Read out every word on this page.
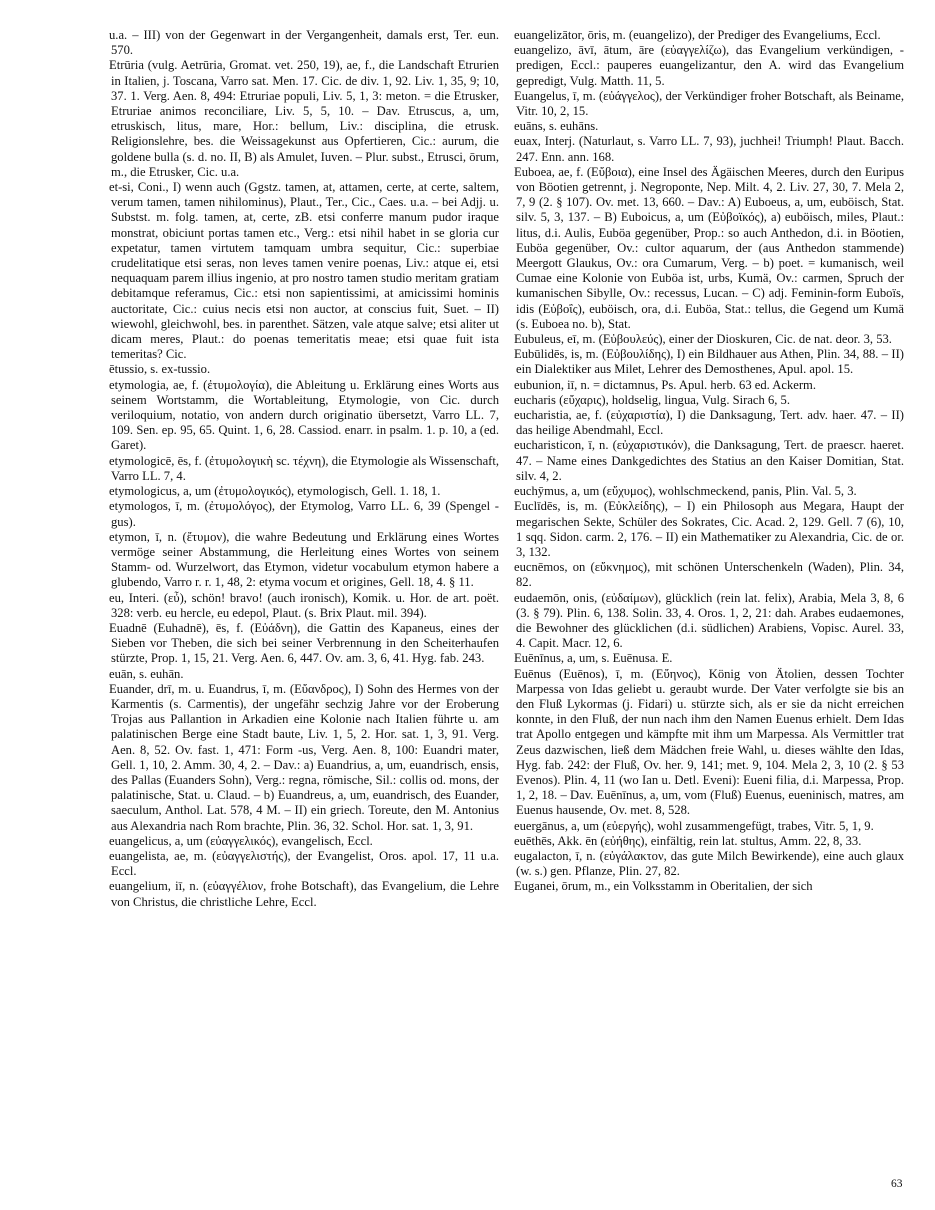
u.a. – III) von der Gegenwart in der Vergangenheit, damals erst, Ter. eun. 570.

Etrūria (vulg. Aetrūria, Gromat. vet. 250, 19), ae, f., die Landschaft Etrurien in Italien, j. Toscana, Varro sat. Men. 17. Cic. de div. 1, 92. Liv. 1, 35, 9; 10, 37. 1. Verg. Aen. 8, 494: Etruriae populi, Liv. 5, 1, 3: meton. = die Etrusker, Etruriae animos reconciliare, Liv. 5, 5, 10. – Dav. Etruscus, a, um, etruskisch, litus, mare, Hor.: bellum, Liv.: disciplina, die etrusk. Religionslehre, bes. die Weissagekunst aus Opfertieren, Cic.: aurum, die goldene bulla (s. d. no. II, B) als Amulet, Iuven. – Plur. subst., Etrusci, ōrum, m., die Etrusker, Cic. u.a.

et-si, Coni., I) wenn auch (Ggstz. tamen, at, attamen, certe, at certe, saltem, verum tamen, tamen nihilominus), Plaut., Ter., Cic., Caes. u.a. – bei Adjj. u. Substst. m. folg. tamen, at, certe, zB. etsi conferre manum pudor iraque monstrat, obiciunt portas tamen etc., Verg.: etsi nihil habet in se gloria cur expetatur, tamen virtutem tamquam umbra sequitur, Cic.: superbiae crudelitatique etsi seras, non leves tamen venire poenas, Liv.: atque ei, etsi nequaquam parem illius ingenio, at pro nostro tamen studio meritam gratiam debitamque referamus, Cic.: etsi non sapientissimi, at amicissimi hominis auctoritate, Cic.: cuius necis etsi non auctor, at conscius fuit, Suet. – II) wiewohl, gleichwohl, bes. in parenthet. Sätzen, vale atque salve; etsi aliter ut dicam meres, Plaut.: do poenas temeritatis meae; etsi quae fuit ista temeritas? Cic.

ētussio, s. ex-tussio.

etymologia, ae, f. (ἐτυμολογία), die Ableitung u. Erklärung eines Worts aus seinem Wortstamm, die Wortableitung, Etymologie, von Cic. durch veriloquium, notatio, von andern durch originatio übersetzt, Varro LL. 7, 109. Sen. ep. 95, 65. Quint. 1, 6, 28. Cassiod. enarr. in psalm. 1. p. 10, a (ed. Garet).

etymologicē, ēs, f. (ἐτυμολογικὴ sc. τέχνη), die Etymologie als Wissenschaft, Varro LL. 7, 4.

etymologicus, a, um (ἐτυμολογικός), etymologisch, Gell. 1. 18, 1.

etymologos, ī, m. (ἐτυμολόγος), der Etymolog, Varro LL. 6, 39 (Spengel -gus).

etymon, ī, n. (ἔτυμον), die wahre Bedeutung und Erklärung eines Wortes vermöge seiner Abstammung, die Herleitung eines Wortes von seinem Stamm- od. Wurzelwort, das Etymon, videtur vocabulum etymon habere a glubendo, Varro r. r. 1, 48, 2: etyma vocum et origines, Gell. 18, 4. § 11.

eu, Interi. (εὖ), schön! bravo! (auch ironisch), Komik. u. Hor. de art. poët. 328: verb. eu hercle, eu edepol, Plaut. (s. Brix Plaut. mil. 394).

Euadnē (Euhadnē), ēs, f. (Εὐάδνη), die Gattin des Kapaneus, eines der Sieben vor Theben, die sich bei seiner Verbrennung in den Scheiterhaufen stürzte, Prop. 1, 15, 21. Verg. Aen. 6, 447. Ov. am. 3, 6, 41. Hyg. fab. 243.

euān, s. euhān.

Euander, drī, m. u. Euandrus, ī, m. (Εὔανδρος), I) Sohn des Hermes von der Karmentis (s. Carmentis), der ungefähr sechzig Jahre vor der Eroberung Trojas aus Pallantion in Arkadien eine Kolonie nach Italien führte u. am palatinischen Berge eine Stadt baute, Liv. 1, 5, 2. Hor. sat. 1, 3, 91. Verg. Aen. 8, 52. Ov. fast. 1, 471: Form -us, Verg. Aen. 8, 100: Euandri mater, Gell. 1, 10, 2. Amm. 30, 4, 2. – Dav.: a) Euandrius, a, um, euandrisch, ensis, des Pallas (Euanders Sohn), Verg.: regna, römische, Sil.: collis od. mons, der palatinische, Stat. u. Claud. – b) Euandreus, a, um, euandrisch, des Euander, saeculum, Anthol. Lat. 578, 4 M. – II) ein griech. Toreute, den M. Antonius aus Alexandria nach Rom brachte, Plin. 36, 32. Schol. Hor. sat. 1, 3, 91.

euangelicus, a, um (εὐαγγελικός), evangelisch, Eccl.

euangelista, ae, m. (εὐαγγελιστής), der Evangelist, Oros. apol. 17, 11 u.a. Eccl.

euangelium, iī, n. (εὐαγγέλιον, frohe Botschaft), das Evangelium, die Lehre von Christus, die christliche Lehre, Eccl.

euangelizātor, ōris, m. (euangelizo), der Prediger des Evangeliums, Eccl.

euangelizo, āvī, ātum, āre (εὐαγγελίζω), das Evangelium verkündigen, -predigen, Eccl.: pauperes euangelizantur, den A. wird das Evangelium gepredigt, Vulg. Matth. 11, 5.

Euangelus, ī, m. (εὐάγγελος), der Verkündiger froher Botschaft, als Beiname, Vitr. 10, 2, 15.

euāns, s. euhāns.

euax, Interj. (Naturlaut, s. Varro LL. 7, 93), juchhei! Triumph! Plaut. Bacch. 247. Enn. ann. 168.

Euboea, ae, f. (Εὔβοια), eine Insel des Ägäischen Meeres, durch den Euripus von Böotien getrennt, j. Negroponte, Nep. Milt. 4, 2. Liv. 27, 30, 7. Mela 2, 7, 9 (2. § 107). Ov. met. 13, 660. – Dav.: A) Euboeus, a, um, euböisch, Stat. silv. 5, 3, 137. – B) Euboicus, a, um (Εὐβοϊκός), a) euböisch, miles, Plaut.: litus, d.i. Aulis, Euböa gegenüber, Prop.: so auch Anthedon, d.i. in Böotien, Euböa gegenüber, Ov.: cultor aquarum, der (aus Anthedon stammende) Meergott Glaukus, Ov.: ora Cumarum, Verg. – b) poet. = kumanisch, weil Cumae eine Kolonie von Euböa ist, urbs, Kumä, Ov.: carmen, Spruch der kumanischen Sibylle, Ov.: recessus, Lucan. – C) adj. Feminin-form Euboïs, idis (Εὐβοΐς), euböisch, ora, d.i. Euböa, Stat.: tellus, die Gegend um Kumä (s. Euboea no. b), Stat.

Eubuleus, eī, m. (Εὐβουλεύς), einer der Dioskuren, Cic. de nat. deor. 3, 53.

Eubūlidēs, is, m. (Εὐβουλίδης), I) ein Bildhauer aus Athen, Plin. 34, 88. – II) ein Dialektiker aus Milet, Lehrer des Demosthenes, Apul. apol. 15.

eubunion, iī, n. = dictamnus, Ps. Apul. herb. 63 ed. Ackerm.

eucharis (εὔχαρις), holdselig, lingua, Vulg. Sirach 6, 5.

eucharistia, ae, f. (εὐχαριστία), I) die Danksagung, Tert. adv. haer. 47. – II) das heilige Abendmahl, Eccl.

eucharisticon, ī, n. (εὐχαριστικόν), die Danksagung, Tert. de praescr. haeret. 47. – Name eines Dankgedichtes des Statius an den Kaiser Domitian, Stat. silv. 4, 2.

euchȳmus, a, um (εὔχυμος), wohlschmeckend, panis, Plin. Val. 5, 3.

Euclīdēs, is, m. (Εὐκλείδης), – I) ein Philosoph aus Megara, Haupt der megarischen Sekte, Schüler des Sokrates, Cic. Acad. 2, 129. Gell. 7 (6), 10, 1 sqq. Sidon. carm. 2, 176. – II) ein Mathematiker zu Alexandria, Cic. de or. 3, 132.

eucnēmos, on (εὔκνημος), mit schönen Unterschenkeln (Waden), Plin. 34, 82.

eudaemōn, onis, (εὐδαίμων), glücklich (rein lat. felix), Arabia, Mela 3, 8, 6 (3. § 79). Plin. 6, 138. Solin. 33, 4. Oros. 1, 2, 21: dah. Arabes eudaemones, die Bewohner des glücklichen (d.i. südlichen) Arabiens, Vopisc. Aurel. 33, 4. Capit. Macr. 12, 6.

Euēnīnus, a, um, s. Euēnusa. E.

Euēnus (Euēnos), ī, m. (Εὔηνος), König von Ätolien, dessen Tochter Marpessa von Idas geliebt u. geraubt wurde. Der Vater verfolgte sie bis an den Fluß Lykormas (j. Fidari) u. stürzte sich, als er sie da nicht erreichen konnte, in den Fluß, der nun nach ihm den Namen Euenus erhielt. Dem Idas trat Apollo entgegen und kämpfte mit ihm um Marpessa. Als Vermittler trat Zeus dazwischen, ließ dem Mädchen freie Wahl, u. dieses wählte den Idas, Hyg. fab. 242: der Fluß, Ov. her. 9, 141; met. 9, 104. Mela 2, 3, 10 (2. § 53 Evenos). Plin. 4, 11 (wo Ian u. Detl. Eveni): Eueni filia, d.i. Marpessa, Prop. 1, 2, 18. – Dav. Euēnīnus, a, um, vom (Fluß) Euenus, eueninisch, matres, am Euenus hausende, Ov. met. 8, 528.

euergānus, a, um (εὐεργής), wohl zusammengefügt, trabes, Vitr. 5, 1, 9.

euēthēs, Akk. ēn (εὐήθης), einfältig, rein lat. stultus, Amm. 22, 8, 33.

eugalacton, ī, n. (εὐγάλακτον, das gute Milch Bewirkende), eine auch glaux (w. s.) gen. Pflanze, Plin. 27, 82.

Euganei, ōrum, m., ein Volksstamm in Oberitalien, der sich

63
